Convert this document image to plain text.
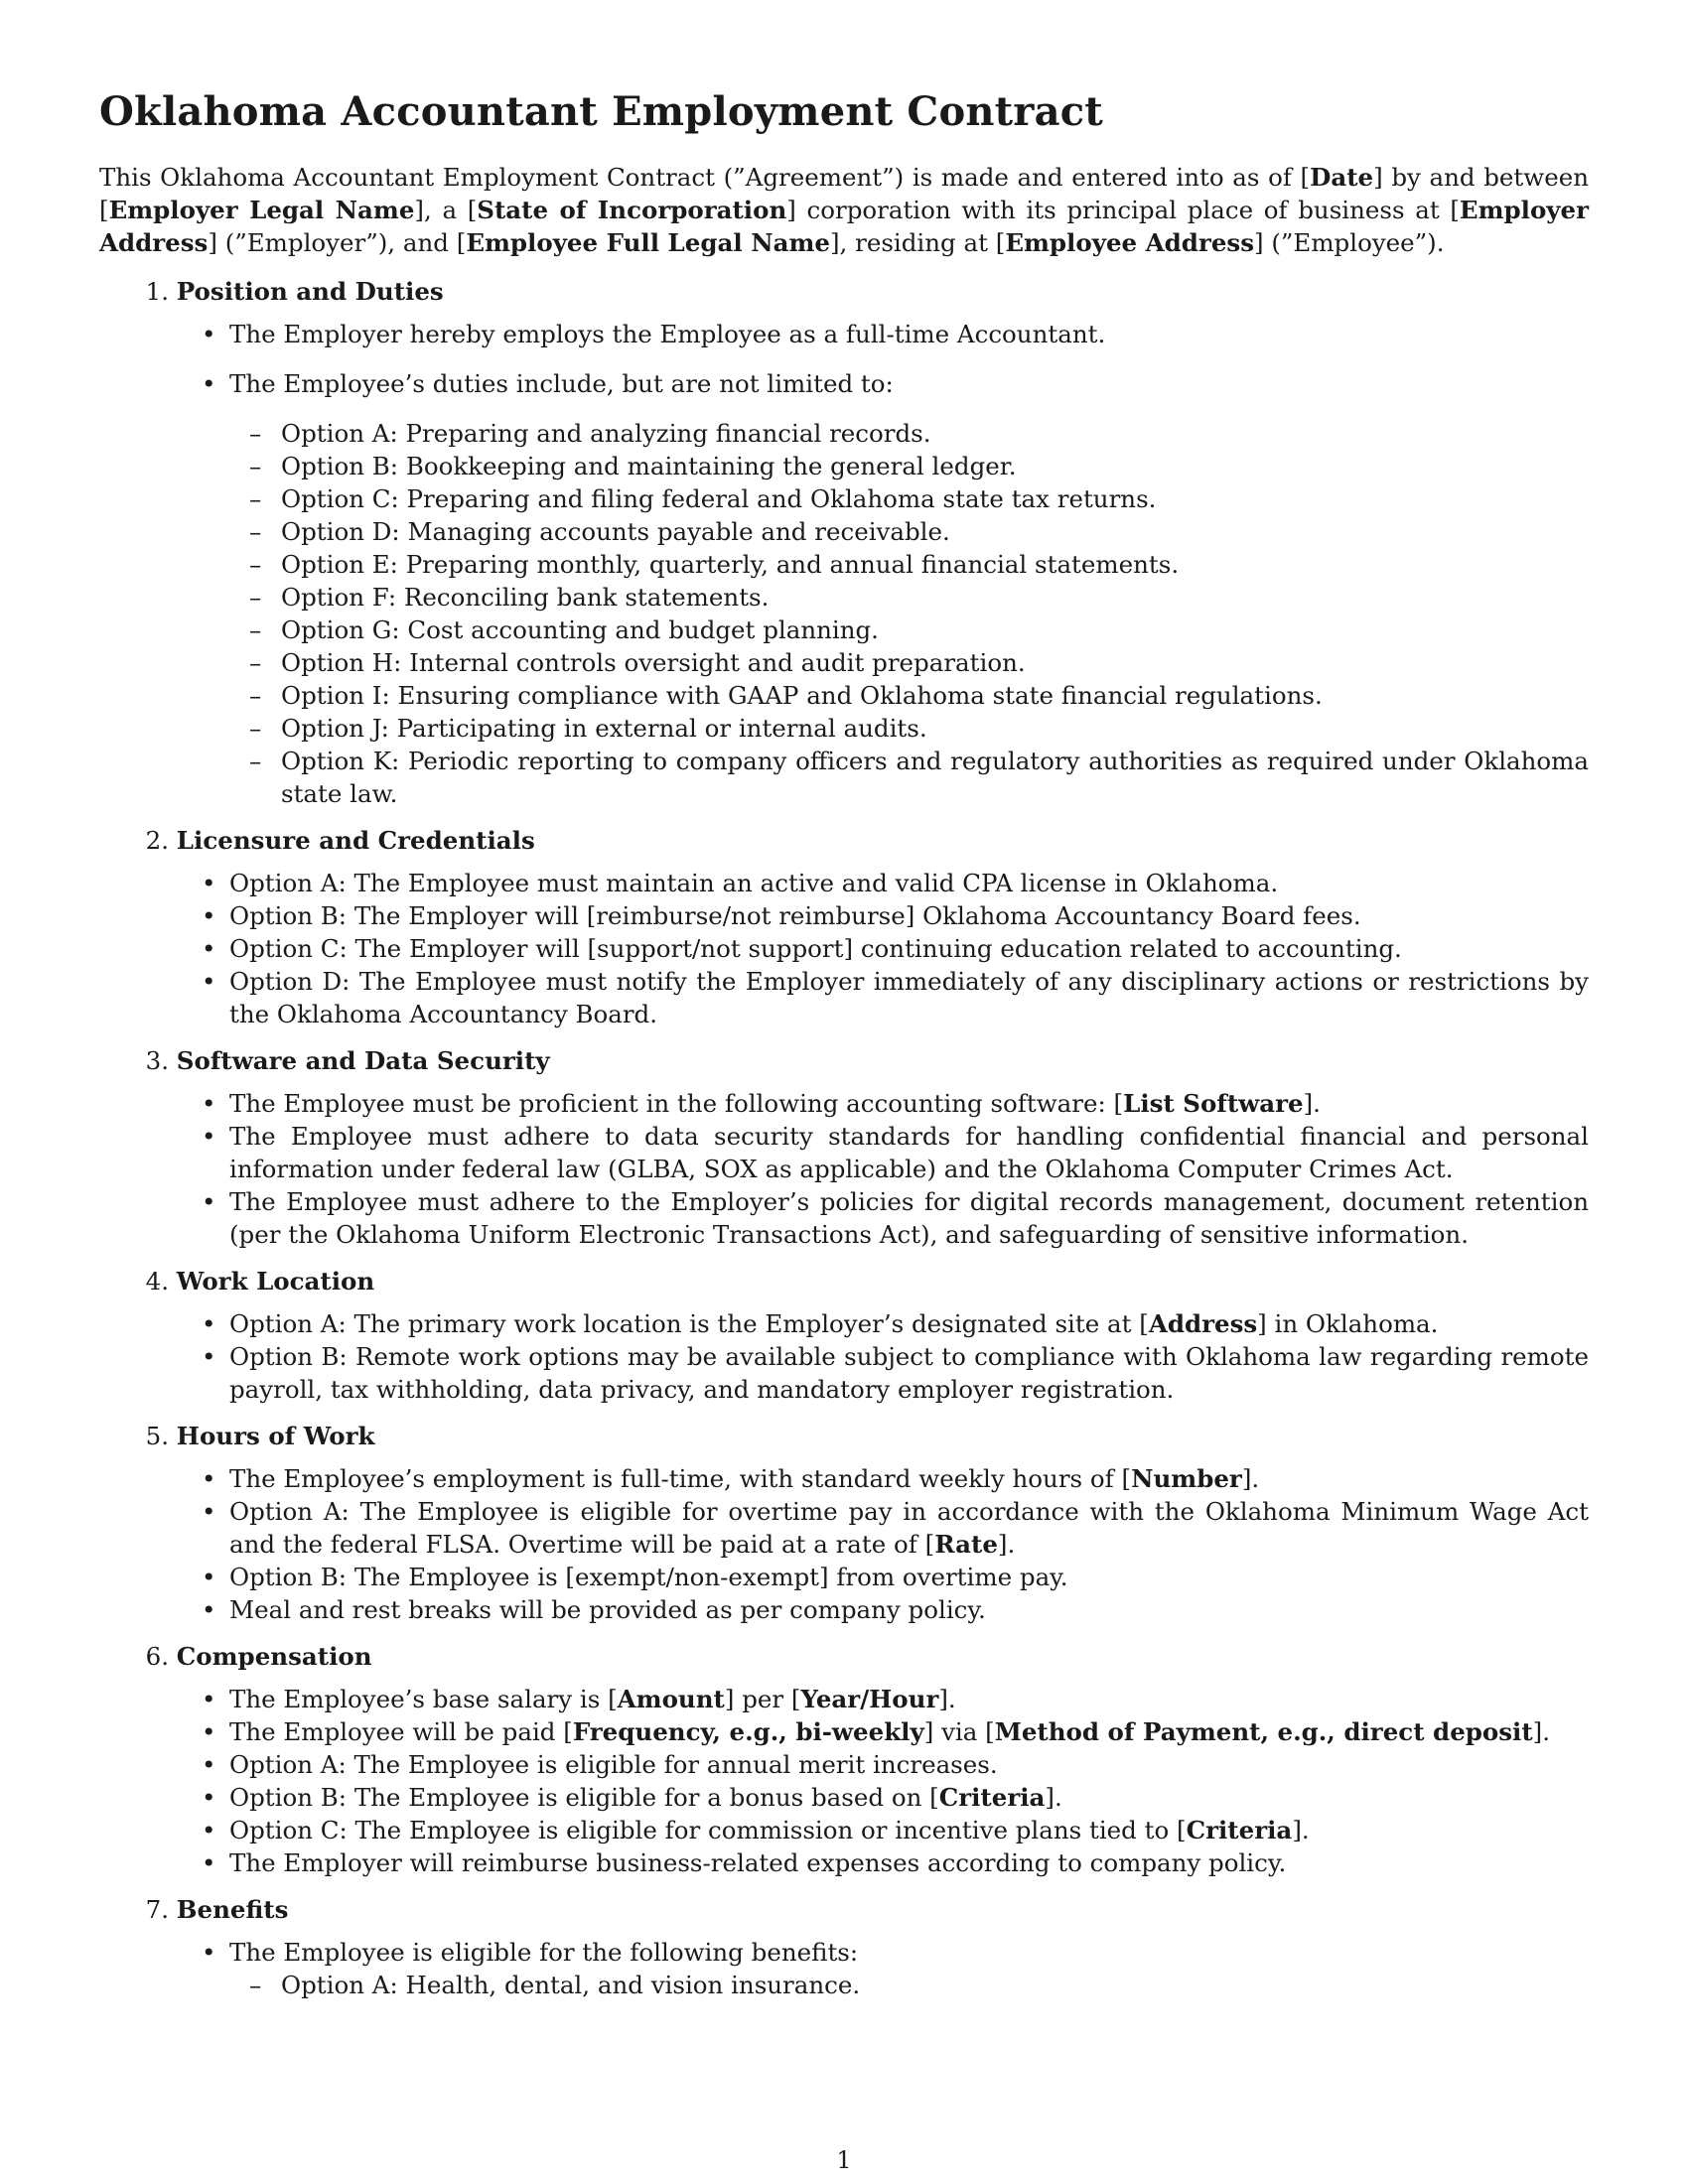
Oklahoma Accountant Employment Contract

This Oklahoma Accountant Employment Contract (”Agreement”) is made and entered into as of [Date] by and between [Employer Legal Name], a [State of Incorporation] corporation with its principal place of business at [Employer Address] (”Employer”), and [Employee Full Legal Name], residing at [Employee Address] (”Employee”).

1.
Position and Duties
• The Employer hereby employs the Employee as a full-time Accountant.
• The Employee’s duties include, but are not limited to:
– Option A: Preparing and analyzing financial records.
– Option B: Bookkeeping and maintaining the general ledger.
– Option C: Preparing and filing federal and Oklahoma state tax returns.
– Option D: Managing accounts payable and receivable.
– Option E: Preparing monthly, quarterly, and annual financial statements.
– Option F: Reconciling bank statements.
– Option G: Cost accounting and budget planning.
– Option H: Internal controls oversight and audit preparation.
– Option I: Ensuring compliance with GAAP and Oklahoma state financial regulations.
– Option J: Participating in external or internal audits.
– Option K: Periodic reporting to company officers and regulatory authorities as required under Oklahoma state law.
2.
Licensure and Credentials
• Option A: The Employee must maintain an active and valid CPA license in Oklahoma.
• Option B: The Employer will [reimburse/not reimburse] Oklahoma Accountancy Board fees.
• Option C: The Employer will [support/not support] continuing education related to accounting.
• Option D: The Employee must notify the Employer immediately of any disciplinary actions or restrictions by the Oklahoma Accountancy Board.
3.
Software and Data Security
• The Employee must be proficient in the following accounting software: [List Software].
• The Employee must adhere to data security standards for handling confidential financial and personal information under federal law (GLBA, SOX as applicable) and the Oklahoma Computer Crimes Act.
• The Employee must adhere to the Employer’s policies for digital records management, document retention (per the Oklahoma Uniform Electronic Transactions Act), and safeguarding of sensitive information.
4.
Work Location
• Option A: The primary work location is the Employer’s designated site at [Address] in Oklahoma.
• Option B: Remote work options may be available subject to compliance with Oklahoma law regarding remote payroll, tax withholding, data privacy, and mandatory employer registration.
5.
Hours of Work
• The Employee’s employment is full-time, with standard weekly hours of [Number].
• Option A: The Employee is eligible for overtime pay in accordance with the Oklahoma Minimum Wage Act and the federal FLSA. Overtime will be paid at a rate of [Rate].
• Option B: The Employee is [exempt/non-exempt] from overtime pay.
• Meal and rest breaks will be provided as per company policy.
6.
Compensation
• The Employee’s base salary is [Amount] per [Year/Hour].
• The Employee will be paid [Frequency, e.g., bi-weekly] via [Method of Payment, e.g., direct deposit].
• Option A: The Employee is eligible for annual merit increases.
• Option B: The Employee is eligible for a bonus based on [Criteria].
• Option C: The Employee is eligible for commission or incentive plans tied to [Criteria].
• The Employer will reimburse business-related expenses according to company policy.
7.
Benefits
• The Employee is eligible for the following benefits:
– Option A: Health, dental, and vision insurance.
1
